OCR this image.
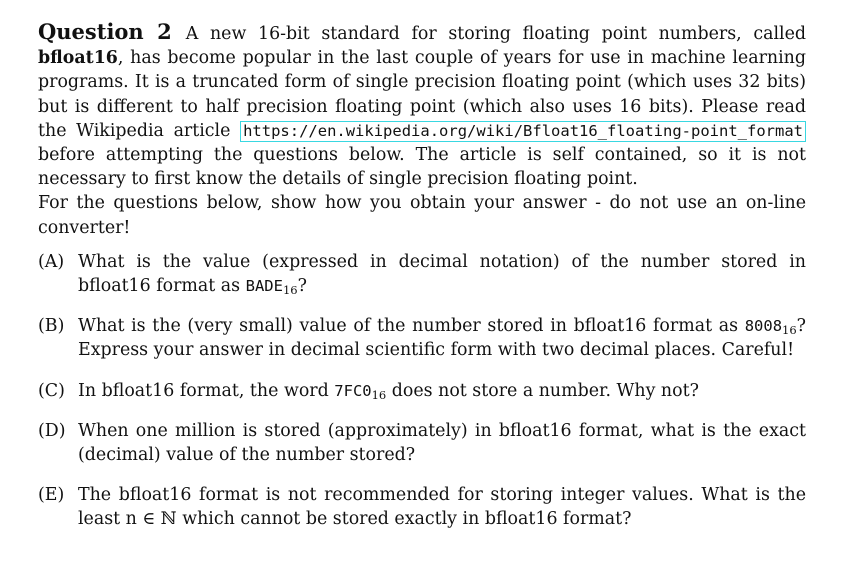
Question 2 A new 16-bit standard for storing floating point numbers, called bfloat16, has become popular in the last couple of years for use in machine learning programs. It is a truncated form of single precision floating point (which uses 32 bits) but is different to half precision floating point (which also uses 16 bits). Please read the Wikipedia article https://en.wikipedia.org/wiki/Bfloat16_floating-point_format before attempting the questions below. The article is self contained, so it is not necessary to first know the details of single precision floating point.

For the questions below, show how you obtain your answer - do not use an on-line converter!

(A) What is the value (expressed in decimal notation) of the number stored in bfloat16 format as $BADE_{16}$?
(B) What is the (very small) value of the number stored in bfloat16 format as $8008_{16}$? Express your answer in decimal scientific form with two decimal places. Careful!
(C) In bfloat16 format, the word $7FC0_{16}$ does not store a number. Why not?
(D) When one million is stored (approximately) in bfloat16 format, what is the exact (decimal) value of the number stored?
(E) The bfloat16 format is not recommended for storing integer values. What is the least n ∈ ℕ which cannot be stored exactly in bfloat16 format?
